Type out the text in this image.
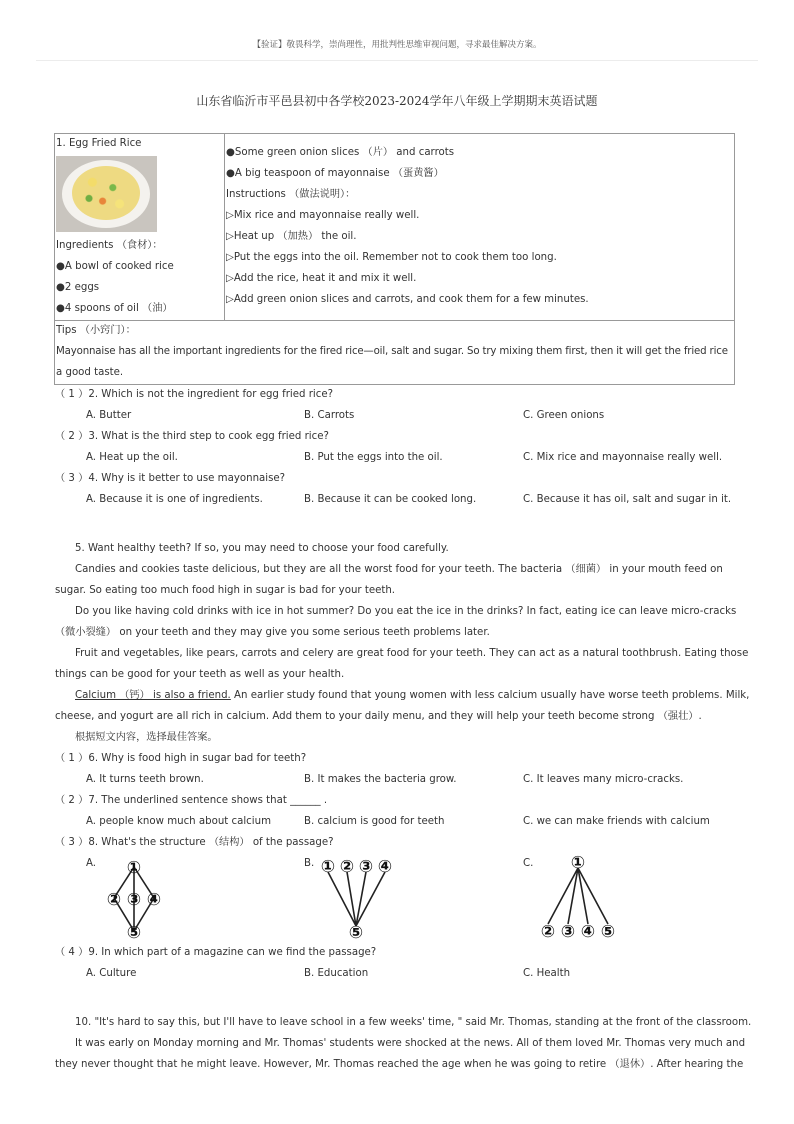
【验证】敬畏科学，崇尚理性，用批判性思维审视问题，寻求最佳解决方案。
山东省临沂市平邑县初中各学校2023-2024学年八年级上学期期末英语试题
1. Egg Fried Rice
Ingredients （食材）：
●A bowl of cooked rice
●2 eggs
●4 spoons of oil （油）
●Some green onion slices （片） and carrots
●A big teaspoon of mayonnaise （蛋黄酱）
Instructions （做法说明）：
▷Mix rice and mayonnaise really well.
▷Heat up （加热） the oil.
▷Put the eggs into the oil. Remember not to cook them too long.
▷Add the rice, heat it and mix it well.
▷Add green onion slices and carrots, and cook them for a few minutes.
Tips （小窍门）：
Mayonnaise has all the important ingredients for the fired rice—oil, salt and sugar. So try mixing them first, then it will get the fried rice
a good taste.
（ 1 ）2. Which is not the ingredient for egg fried rice?
A. Butter	B. Carrots	C. Green onions
（ 2 ）3. What is the third step to cook egg fried rice?
A. Heat up the oil.	B. Put the eggs into the oil.	C. Mix rice and mayonnaise really well.
（ 3 ）4. Why is it better to use mayonnaise?
A. Because it is one of ingredients.	B. Because it can be cooked long.	C. Because it has oil, salt and sugar in it.
5. Want healthy teeth? If so, you may need to choose your food carefully.
Candies and cookies taste delicious, but they are all the worst food for your teeth. The bacteria （细菌） in your mouth feed on
sugar. So eating too much food high in sugar is bad for your teeth.
Do you like having cold drinks with ice in hot summer? Do you eat the ice in the drinks? In fact, eating ice can leave micro-cracks
（微小裂缝） on your teeth and they may give you some serious teeth problems later.
Fruit and vegetables, like pears, carrots and celery are great food for your teeth. They can act as a natural toothbrush. Eating those
things can be good for your teeth as well as your health.
Calcium （钙） is also a friend. An earlier study found that young women with less calcium usually have worse teeth problems. Milk,
cheese, and yogurt are all rich in calcium. Add them to your daily menu, and they will help your teeth become strong （强壮）.
根据短文内容，选择最佳答案。
（ 1 ）6. Why is food high in sugar bad for teeth?
A. It turns teeth brown.	B. It makes the bacteria grow.	C. It leaves many micro-cracks.
（ 2 ）7. The underlined sentence shows that ______ .
A. people know much about calcium	B. calcium is good for teeth	C. we can make friends with calcium
（ 3 ）8. What's the structure （结构） of the passage?
A.	B.	C.
①
② ③ ④
⑤
① ② ③ ④
⑤
①
② ③ ④ ⑤
（ 4 ）9. In which part of a magazine can we find the passage?
A. Culture	B. Education	C. Health
10. "It's hard to say this, but I'll have to leave school in a few weeks' time, " said Mr. Thomas, standing at the front of the classroom.
It was early on Monday morning and Mr. Thomas' students were shocked at the news. All of them loved Mr. Thomas very much and
they never thought that he might leave. However, Mr. Thomas reached the age when he was going to retire （退休）. After hearing the
